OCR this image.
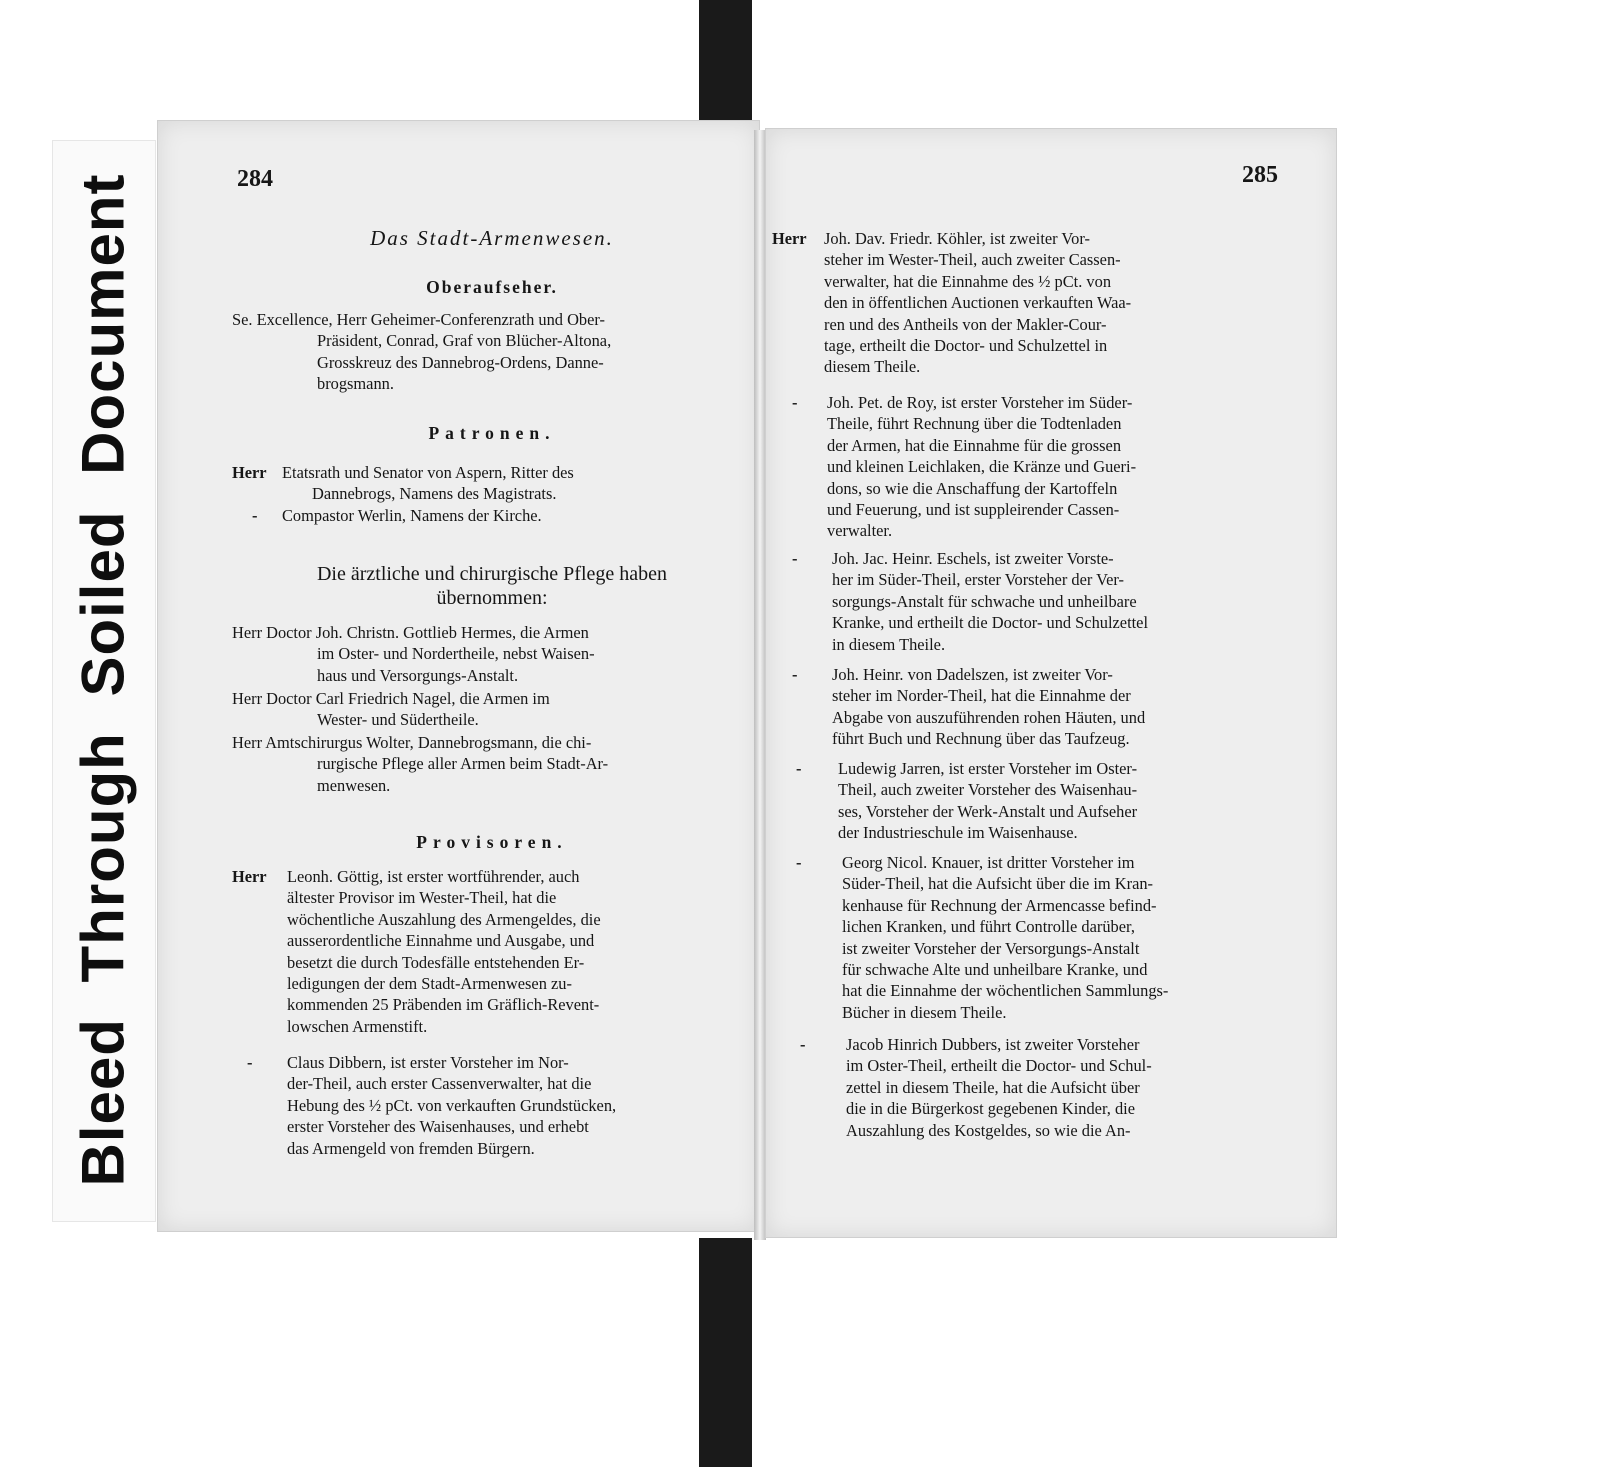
Bleed Through Soiled Document	284
Das Stadt-Armenwesen.
Oberaufseher.
Se. Excellence, Herr Geheimer-Conferenzrath und Ober-
Präsident, Conrad, Graf von Blücher-Altona,
Grosskreuz des Dannebrog-Ordens, Danne-
brogsmann.
Patronen.
Herr Etatsrath und Senator von Aspern, Ritter des
Dannebrogs, Namens des Magistrats.
-	Compastor Werlin, Namens der Kirche.
Die ärztliche und chirurgische Pflege haben
übernommen:
Herr Doctor Joh. Christn. Gottlieb Hermes, die Armen
im Oster- und Nordertheile, nebst Waisen-
haus und Versorgungs-Anstalt.
Herr Doctor Carl Friedrich Nagel, die Armen im
Wester- und Südertheile.
Herr Amtschirurgus Wolter, Dannebrogsmann, die chi-
rurgische Pflege aller Armen beim Stadt-Ar-
menwesen.
Provisoren.
Herr	Leonh. Göttig, ist erster wortführender, auch
ältester Provisor im Wester-Theil, hat die
wöchentliche Auszahlung des Armengeldes, die
ausserordentliche Einnahme und Ausgabe, und
besetzt die durch Todesfälle entstehenden Er-
ledigungen der dem Stadt-Armenwesen zu-
kommenden 25 Präbenden im Gräflich-Revent-
lowschen Armenstift.
-	Claus Dibbern, ist erster Vorsteher im Nor-
der-Theil, auch erster Cassenverwalter, hat die
Hebung des ½ pCt. von verkauften Grundstücken,
erster Vorsteher des Waisenhauses, und erhebt
das Armengeld von fremden Bürgern.
285
Herr	Joh. Dav. Friedr. Köhler, ist zweiter Vor-
steher im Wester-Theil, auch zweiter Cassen-
verwalter, hat die Einnahme des ½ pCt. von
den in öffentlichen Auctionen verkauften Waa-
ren und des Antheils von der Makler-Cour-
tage, ertheilt die Doctor- und Schulzettel in
diesem Theile.
-	Joh. Pet. de Roy, ist erster Vorsteher im Süder-
Theile, führt Rechnung über die Todtenladen
der Armen, hat die Einnahme für die grossen
und kleinen Leichlaken, die Kränze und Gueri-
dons, so wie die Anschaffung der Kartoffeln
und Feuerung, und ist suppleirender Cassen-
verwalter.
-	Joh. Jac. Heinr. Eschels, ist zweiter Vorste-
her im Süder-Theil, erster Vorsteher der Ver-
sorgungs-Anstalt für schwache und unheilbare
Kranke, und ertheilt die Doctor- und Schulzettel
in diesem Theile.
-	Joh. Heinr. von Dadelszen, ist zweiter Vor-
steher im Norder-Theil, hat die Einnahme der
Abgabe von auszuführenden rohen Häuten, und
führt Buch und Rechnung über das Taufzeug.
-	Ludewig Jarren, ist erster Vorsteher im Oster-
Theil, auch zweiter Vorsteher des Waisenhau-
ses, Vorsteher der Werk-Anstalt und Aufseher
der Industrieschule im Waisenhause.
-	Georg Nicol. Knauer, ist dritter Vorsteher im
Süder-Theil, hat die Aufsicht über die im Kran-
kenhause für Rechnung der Armencasse befind-
lichen Kranken, und führt Controlle darüber,
ist zweiter Vorsteher der Versorgungs-Anstalt
für schwache Alte und unheilbare Kranke, und
hat die Einnahme der wöchentlichen Sammlungs-
Bücher in diesem Theile.
-	Jacob Hinrich Dubbers, ist zweiter Vorsteher
im Oster-Theil, ertheilt die Doctor- und Schul-
zettel in diesem Theile, hat die Aufsicht über
die in die Bürgerkost gegebenen Kinder, die
Auszahlung des Kostgeldes, so wie die An-
